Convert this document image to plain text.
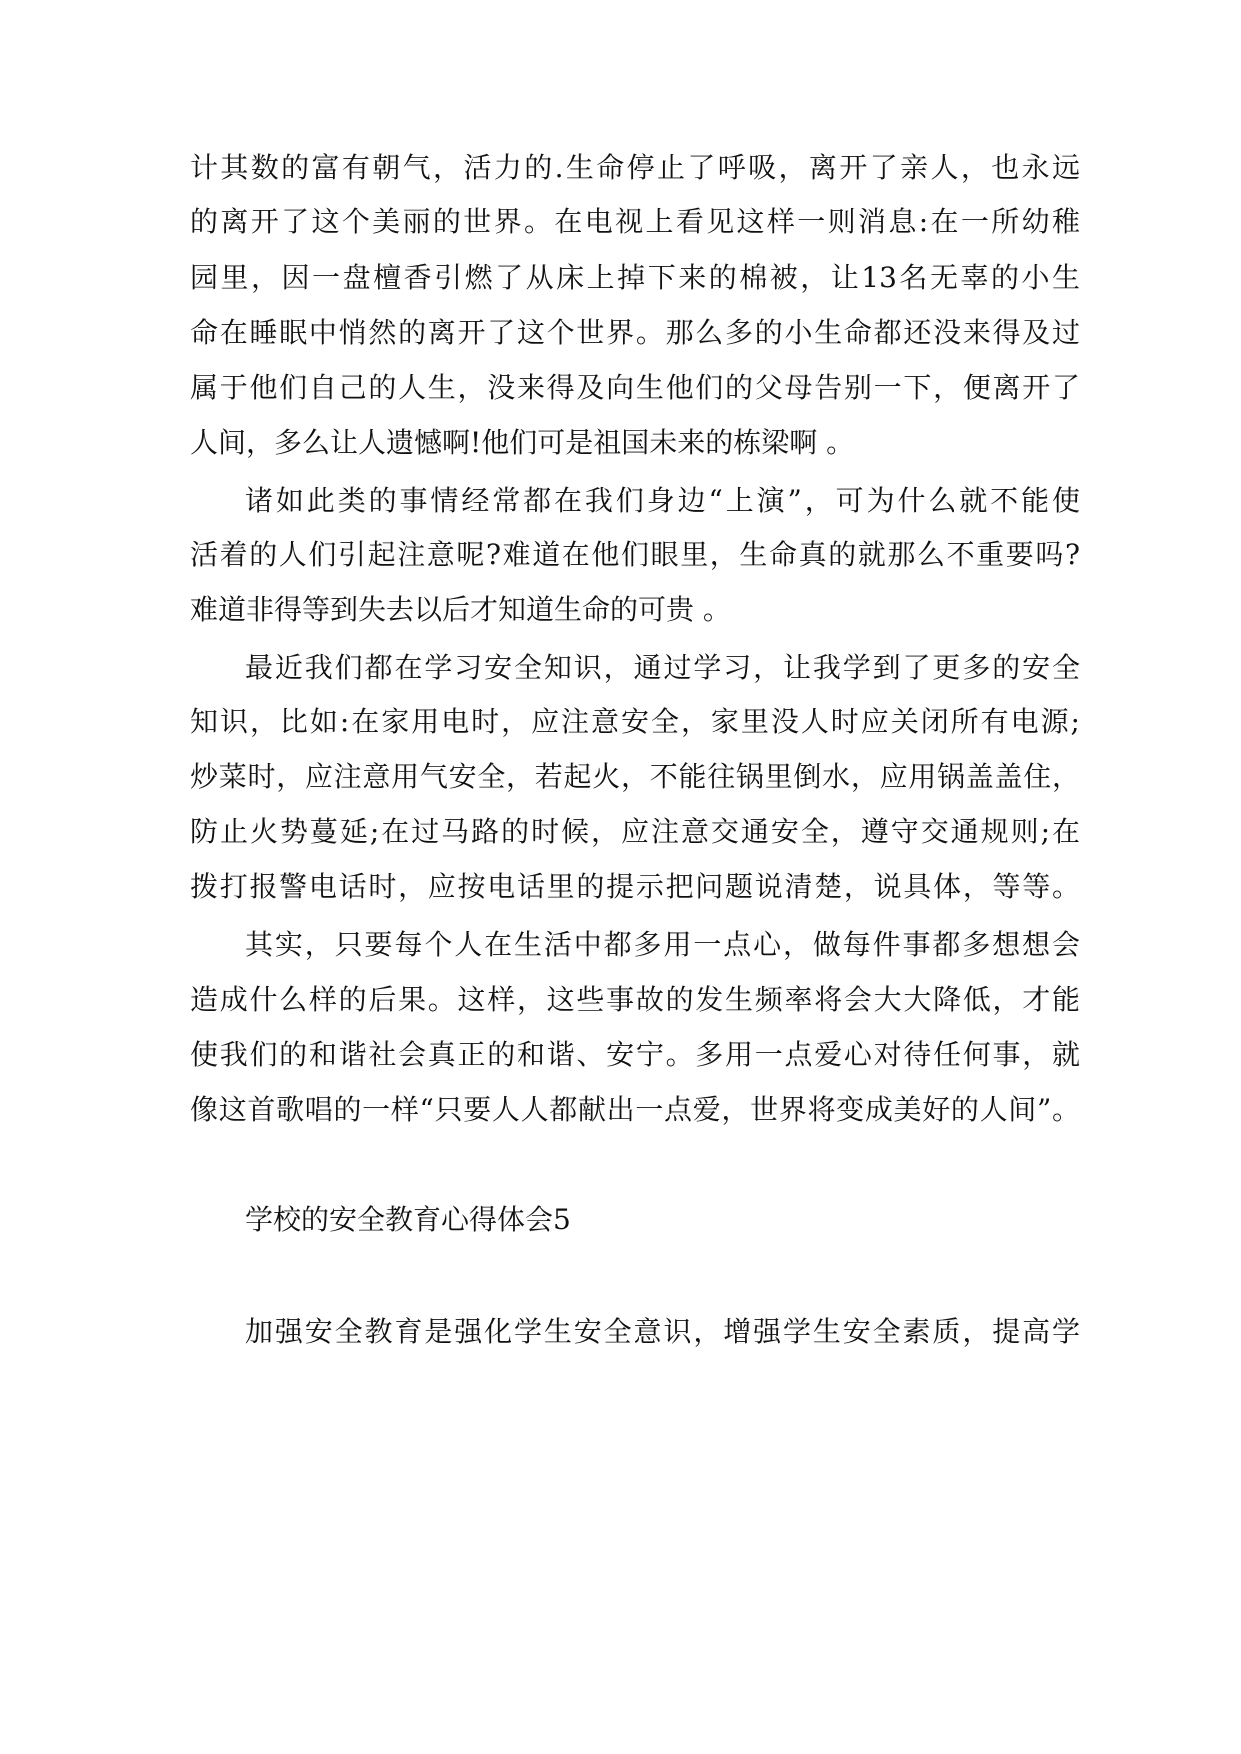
计其数的富有朝气，活力的.生命停止了呼吸，离开了亲人，也永远
的离开了这个美丽的世界。在电视上看见这样一则消息:在一所幼稚
园里，因一盘檀香引燃了从床上掉下来的棉被，让13名无辜的小生
命在睡眠中悄然的离开了这个世界。那么多的小生命都还没来得及过
属于他们自己的人生，没来得及向生他们的父母告别一下，便离开了
人间，多么让人遗憾啊!他们可是祖国未来的栋梁啊 。
诸如此类的事情经常都在我们身边“上演”，可为什么就不能使
活着的人们引起注意呢?难道在他们眼里，生命真的就那么不重要吗?
难道非得等到失去以后才知道生命的可贵 。
最近我们都在学习安全知识，通过学习，让我学到了更多的安全
知识，比如:在家用电时，应注意安全，家里没人时应关闭所有电源;
炒菜时，应注意用气安全，若起火，不能往锅里倒水，应用锅盖盖住，
防止火势蔓延;在过马路的时候，应注意交通安全，遵守交通规则;在
拨打报警电话时，应按电话里的提示把问题说清楚，说具体，等等。
其实，只要每个人在生活中都多用一点心，做每件事都多想想会
造成什么样的后果。这样，这些事故的发生频率将会大大降低，才能
使我们的和谐社会真正的和谐、安宁。多用一点爱心对待任何事，就
像这首歌唱的一样“只要人人都献出一点爱，世界将变成美好的人间”。
学校的安全教育心得体会5
加强安全教育是强化学生安全意识，增强学生安全素质，提高学
